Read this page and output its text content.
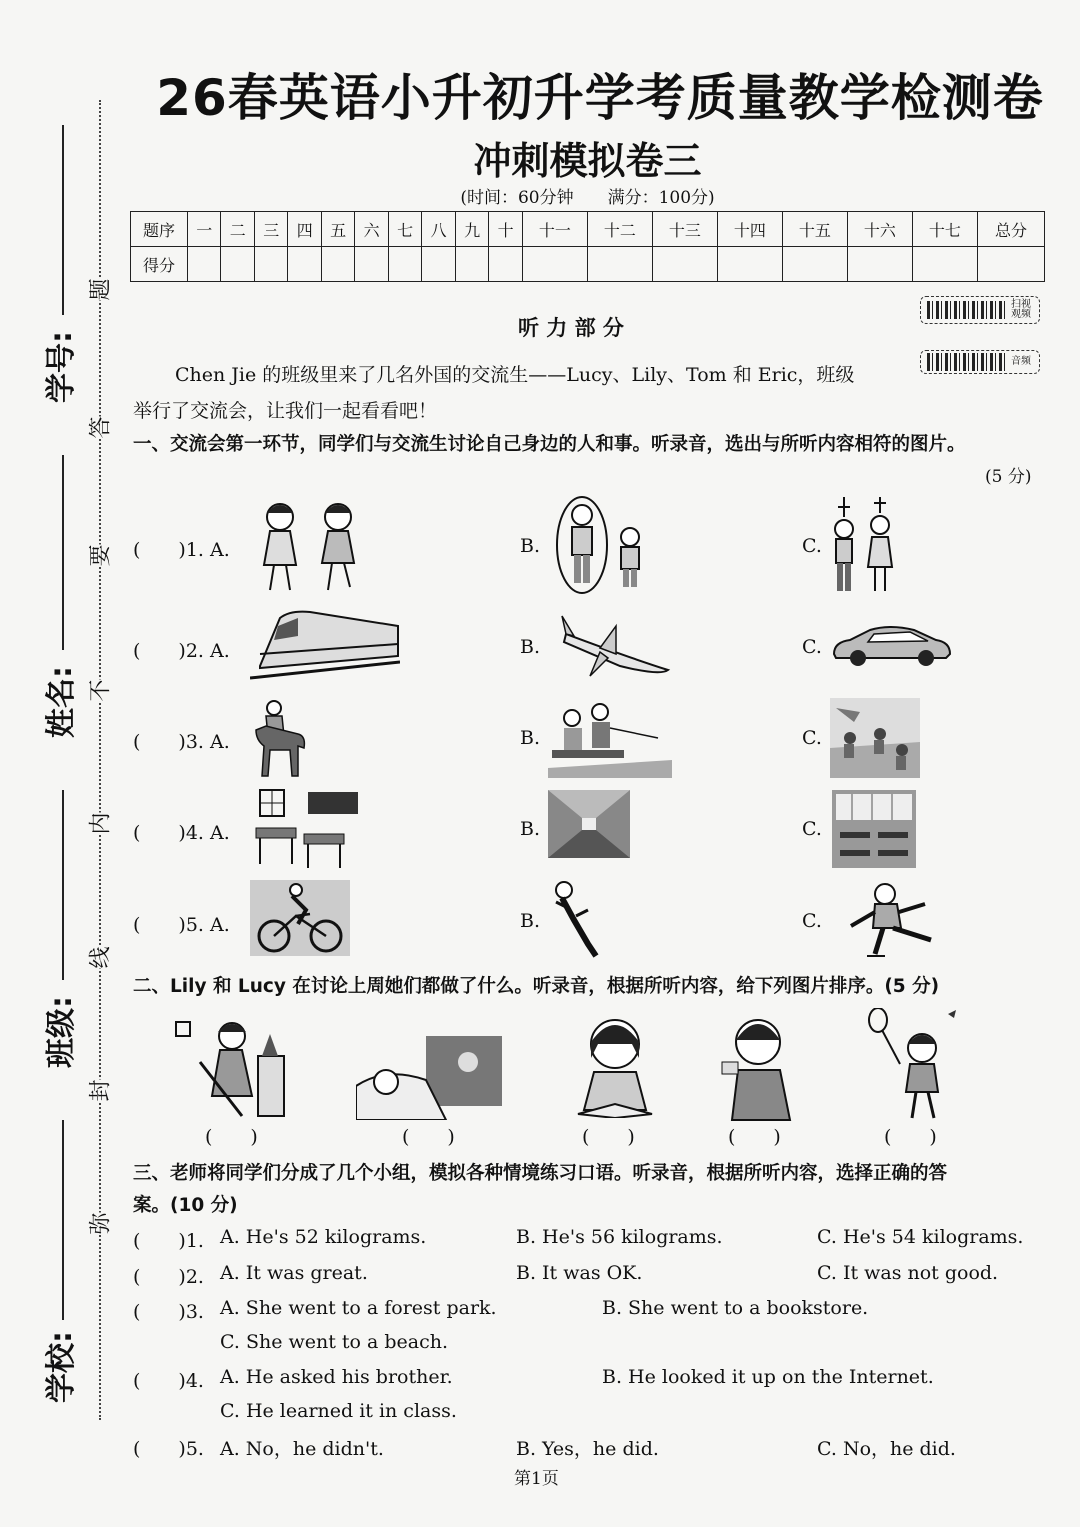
学号:
姓名:
班级:
学校:
题
答
要
不
内
线
封
弥
26春英语小升初升学考质量教学检测卷
冲刺模拟卷三
(时间：60分钟　　满分：100分)
题序	一	二	三	四	五	六	七	八	九	十	十一	十二	十三	十四	十五	十六	十七	总分
得分																		
听 力 部 分
扫视 观频
音频
Chen Jie 的班级里来了几名外国的交流生——Lucy、Lily、Tom 和 Eric，班级
举行了交流会，让我们一起看看吧！
一、交流会第一环节，同学们与交流生讨论自己身边的人和事。听录音，选出与所听内容相符的图片。
(5 分)
(　　)1. A.	B.	C.
(　　)2. A.	B.	C.
(　　)3. A.	B.	C.
(　　)4. A.	B.	C.
(　　)5. A.	B.	C.
二、Lily 和 Lucy 在讨论上周她们都做了什么。听录音，根据所听内容，给下列图片排序。(5 分)
(　　)	(　　)	(　　)	(　　)	(　　)
三、老师将同学们分成了几个小组，模拟各种情境练习口语。听录音，根据所听内容，选择正确的答
案。(10 分)
(　　)1. A. He's 52 kilograms.	B. He's 56 kilograms.	C. He's 54 kilograms.
(　　)2. A. It was great.	B. It was OK.	C. It was not good.
(　　)3. A. She went to a forest park.	B. She went to a bookstore.
C. She went to a beach.
(　　)4. A. He asked his brother.	B. He looked it up on the Internet.
C. He learned it in class.
(　　)5. A. No，he didn't.	B. Yes，he did.	C. No，he did.
第1页
